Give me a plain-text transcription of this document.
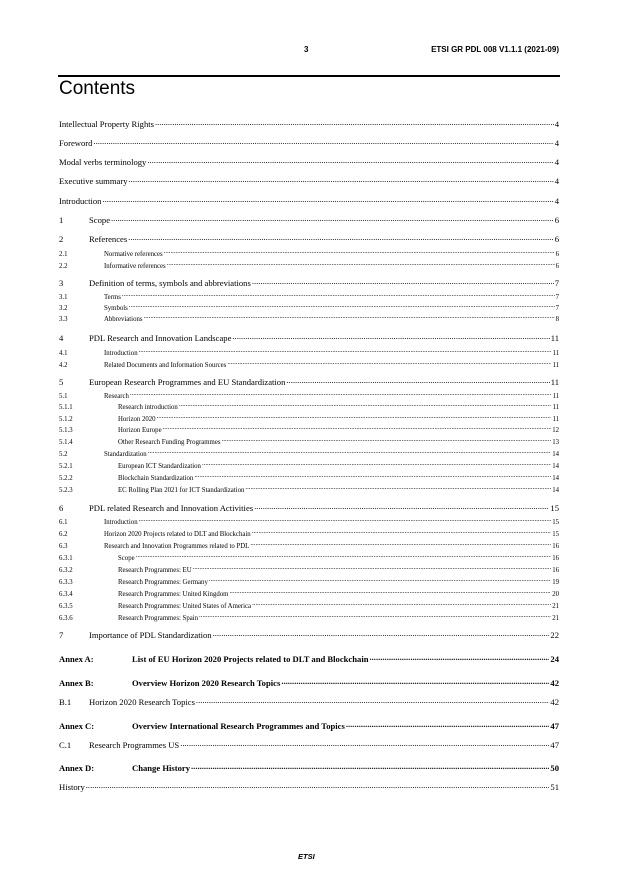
3	ETSI GR PDL 008 V1.1.1 (2021-09)
Contents
Intellectual Property Rights .....	4
Foreword .....	4
Modal verbs terminology .....	4
Executive summary .....	4
Introduction .....	4
1	Scope .....	6
2	References .....	6
2.1	Normative references .....	6
2.2	Informative references .....	6
3	Definition of terms, symbols and abbreviations .....	7
3.1	Terms .....	7
3.2	Symbols .....	7
3.3	Abbreviations .....	8
4	PDL Research and Innovation Landscape .....	11
4.1	Introduction .....	11
4.2	Related Documents and Information Sources .....	11
5	European Research Programmes and EU Standardization .....	11
5.1	Research .....	11
5.1.1	Research introduction .....	11
5.1.2	Horizon 2020 .....	11
5.1.3	Horizon Europe .....	12
5.1.4	Other Research Funding Programmes .....	13
5.2	Standardization .....	14
5.2.1	European ICT Standardization .....	14
5.2.2	Blockchain Standardization .....	14
5.2.3	EC Rolling Plan 2021 for ICT Standardization .....	14
6	PDL related Research and Innovation Activities .....	15
6.1	Introduction .....	15
6.2	Horizon 2020 Projects related to DLT and Blockchain .....	15
6.3	Research and Innovation Programmes related to PDL .....	16
6.3.1	Scope .....	16
6.3.2	Research Programmes: EU .....	16
6.3.3	Research Programmes: Germany .....	19
6.3.4	Research Programmes: United Kingdom .....	20
6.3.5	Research Programmes: United States of America .....	21
6.3.6	Research Programmes: Spain .....	21
7	Importance of PDL Standardization .....	22
Annex A:	List of EU Horizon 2020 Projects related to DLT and Blockchain .....	24
Annex B:	Overview Horizon 2020 Research Topics .....	42
B.1	Horizon 2020 Research Topics .....	42
Annex C:	Overview International Research Programmes and Topics .....	47
C.1	Research Programmes US .....	47
Annex D:	Change History .....	50
History .....	51
ETSI
